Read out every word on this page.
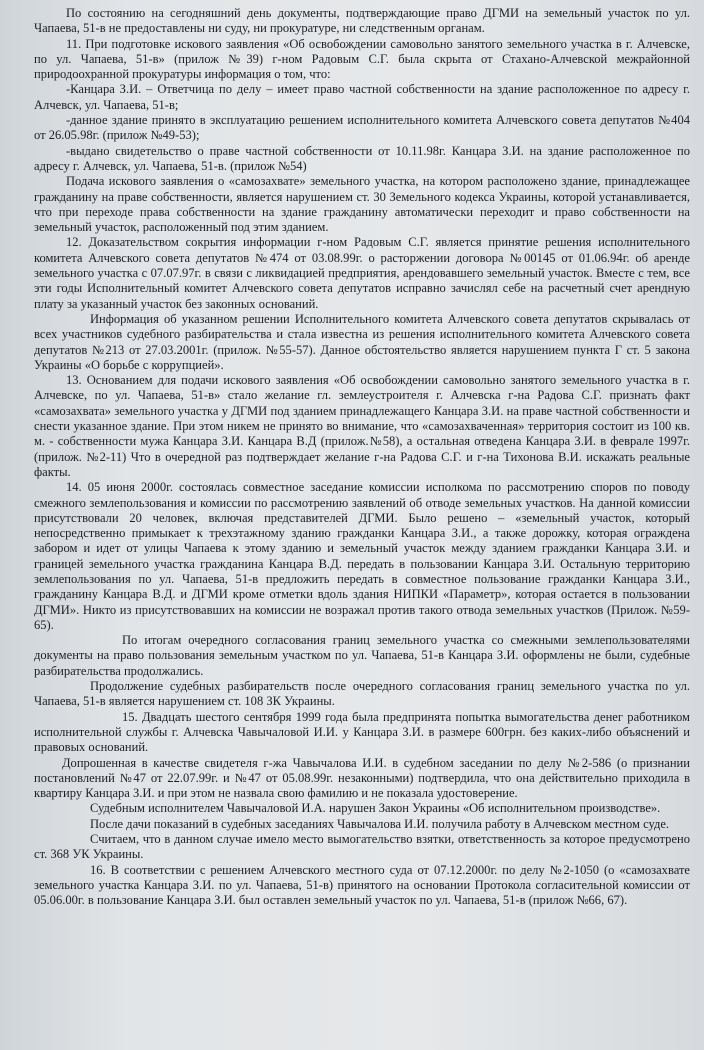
По состоянию на сегодняшний день документы, подтверждающие право ДГМИ на земельный участок по ул. Чапаева, 51-в не предоставлены ни суду, ни прокуратуре, ни следственным органам.

11. При подготовке искового заявления «Об освобождении самовольно занятого земельного участка в г. Алчевске, по ул. Чапаева, 51-в» (прилож №39) г-ном Радовым С.Г. была скрыта от Стахано-Алчевской межрайонной природоохранной прокуратуры информация о том, что:

-Канцара З.И. – Ответчица по делу – имеет право частной собственности на здание расположенное по адресу г. Алчевск, ул. Чапаева, 51-в;

-данное здание принято в эксплуатацию решением исполнительного комитета Алчевского совета депутатов №404 от 26.05.98г. (прилож №49-53);

-выдано свидетельство о праве частной собственности от 10.11.98г. Канцара З.И. на здание расположенное по адресу г. Алчевск, ул. Чапаева, 51-в. (прилож №54)

Подача искового заявления о «самозахвате» земельного участка, на котором расположено здание, принадлежащее гражданину на праве собственности, является нарушением ст. 30 Земельного кодекса Украины, которой устанавливается, что при переходе права собственности на здание гражданину автоматически переходит и право собственности на земельный участок, расположенный под этим зданием.

12. Доказательством сокрытия информации г-ном Радовым С.Г. является принятие решения исполнительного комитета Алчевского совета депутатов №474 от 03.08.99г. о расторжении договора №00145 от 01.06.94г. об аренде земельного участка с 07.07.97г. в связи с ликвидацией предприятия, арендовавшего земельный участок. Вместе с тем, все эти годы Исполнительный комитет Алчевского совета депутатов исправно зачислял себе на расчетный счет арендную плату за указанный участок без законных оснований.

Информация об указанном решении Исполнительного комитета Алчевского совета депутатов скрывалась от всех участников судебного разбирательства и стала известна из решения исполнительного комитета Алчевского совета депутатов №213 от 27.03.2001г. (прилож. №55-57). Данное обстоятельство является нарушением пункта Г ст. 5 закона Украины «О борьбе с коррупцией».

13. Основанием для подачи искового заявления «Об освобождении самовольно занятого земельного участка в г. Алчевске, по ул. Чапаева, 51-в» стало желание гл. землеустроителя г. Алчевска г-на Радова С.Г. признать факт «самозахвата» земельного участка у ДГМИ под зданием принадлежащего Канцара З.И. на праве частной собственности и снести указанное здание. При этом никем не принято во внимание, что «самозахваченная» территория состоит из 100 кв. м. - собственности мужа Канцара З.И. Канцара В.Д (прилож.№58), а остальная отведена Канцара З.И. в феврале 1997г. (прилож. №2-11) Что в очередной раз подтверждает желание г-на Радова С.Г. и г-на Тихонова В.И. искажать реальные факты.

14. 05 июня 2000г. состоялась совместное заседание комиссии исполкома по рассмотрению споров по поводу смежного землепользования и комиссии по рассмотрению заявлений об отводе земельных участков. На данной комиссии присутствовали 20 человек, включая представителей ДГМИ. Было решено – «земельный участок, который непосредственно примыкает к трехэтажному зданию гражданки Канцара З.И., а также дорожку, которая ограждена забором и идет от улицы Чапаева к этому зданию и земельный участок между зданием гражданки Канцара З.И. и границей земельного участка гражданина Канцара В.Д. передать в пользовании Канцара З.И. Остальную территорию землепользования по ул. Чапаева, 51-в предложить передать в совместное пользование гражданки Канцара З.И., гражданину Канцара В.Д. и ДГМИ кроме отметки вдоль здания НИПКИ «Параметр», которая остается в пользовании ДГМИ». Никто из присутствовавших на комиссии не возражал против такого отвода земельных участков (Прилож. №59-65).

По итогам очередного согласования границ земельного участка со смежными землепользователями документы на право пользования земельным участком по ул. Чапаева, 51-в Канцара З.И. оформлены не были, судебные разбирательства продолжались.

Продолжение судебных разбирательств после очередного согласования границ земельного участка по ул. Чапаева, 51-в является нарушением ст. 108 ЗК Украины.

15. Двадцать шестого сентября 1999 года была предпринята попытка вымогательства денег работником исполнительной службы г. Алчевска Чавычаловой И.И. у Канцара З.И. в размере 600грн. без каких-либо объяснений и правовых оснований.

Допрошенная в качестве свидетеля г-жа Чавычалова И.И. в судебном заседании по делу №2-586 (о признании постановлений №47 от 22.07.99г. и №47 от 05.08.99г. незаконными) подтвердила, что она действительно приходила в квартиру Канцара З.И. и при этом не назвала свою фамилию и не показала удостоверение.

Судебным исполнителем Чавычаловой И.А. нарушен Закон Украины «Об исполнительном производстве».

После дачи показаний в судебных заседаниях Чавычалова И.И. получила работу в Алчевском местном суде.

Считаем, что в данном случае имело место вымогательство взятки, ответственность за которое предусмотрено ст. 368 УК Украины.

16. В соответствии с решением Алчевского местного суда от 07.12.2000г. по делу №2-1050 (о «самозахвате земельного участка Канцара З.И. по ул. Чапаева, 51-в) принятого на основании Протокола согласительной комиссии от 05.06.00г. в пользование Канцара З.И. был оставлен земельный участок по ул. Чапаева, 51-в (прилож №66, 67).
